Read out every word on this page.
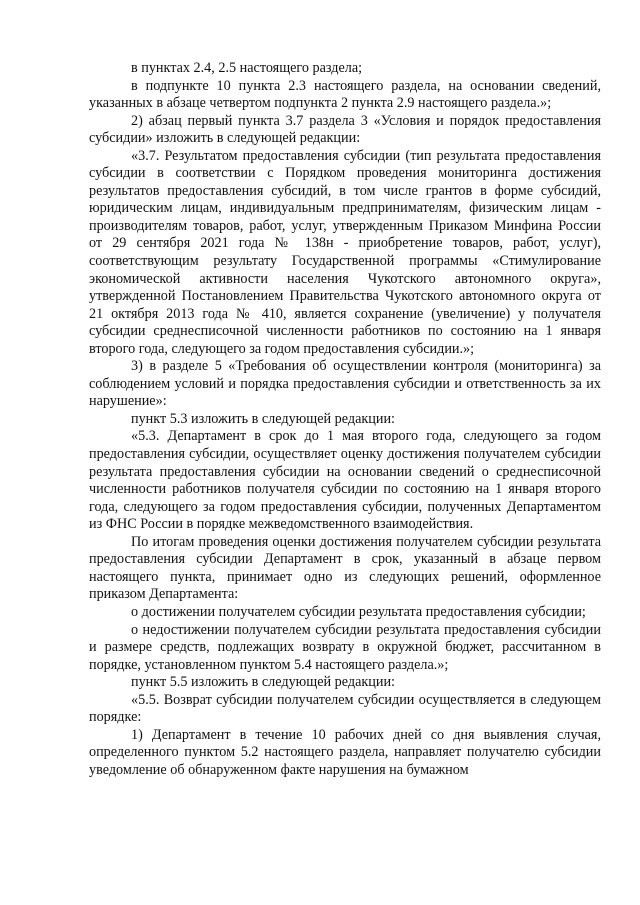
в пунктах 2.4, 2.5 настоящего раздела;

в подпункте 10 пункта 2.3 настоящего раздела, на основании сведений, указанных в абзаце четвертом подпункта 2 пункта 2.9 настоящего раздела.»;

2) абзац первый пункта 3.7 раздела 3 «Условия и порядок предоставления субсидии» изложить в следующей редакции:

«3.7. Результатом предоставления субсидии (тип результата предоставления субсидии в соответствии с Порядком проведения мониторинга достижения результатов предоставления субсидий, в том числе грантов в форме субсидий, юридическим лицам, индивидуальным предпринимателям, физическим лицам - производителям товаров, работ, услуг, утвержденным Приказом Минфина России от 29 сентября 2021 года № 138н - приобретение товаров, работ, услуг), соответствующим результату Государственной программы «Стимулирование экономической активности населения Чукотского автономного округа», утвержденной Постановлением Правительства Чукотского автономного округа от 21 октября 2013 года № 410, является сохранение (увеличение) у получателя субсидии среднесписочной численности работников по состоянию на 1 января второго года, следующего за годом предоставления субсидии.»;

3) в разделе 5 «Требования об осуществлении контроля (мониторинга) за соблюдением условий и порядка предоставления субсидии и ответственность за их нарушение»:

пункт 5.3 изложить в следующей редакции:

«5.3. Департамент в срок до 1 мая второго года, следующего за годом предоставления субсидии, осуществляет оценку достижения получателем субсидии результата предоставления субсидии на основании сведений о среднесписочной численности работников получателя субсидии по состоянию на 1 января второго года, следующего за годом предоставления субсидии, полученных Департаментом из ФНС России в порядке межведомственного взаимодействия.

По итогам проведения оценки достижения получателем субсидии результата предоставления субсидии Департамент в срок, указанный в абзаце первом настоящего пункта, принимает одно из следующих решений, оформленное приказом Департамента:

о достижении получателем субсидии результата предоставления субсидии;

о недостижении получателем субсидии результата предоставления субсидии и размере средств, подлежащих возврату в окружной бюджет, рассчитанном в порядке, установленном пунктом 5.4 настоящего раздела.»;

пункт 5.5 изложить в следующей редакции:

«5.5. Возврат субсидии получателем субсидии осуществляется в следующем порядке:

1) Департамент в течение 10 рабочих дней со дня выявления случая, определенного пунктом 5.2 настоящего раздела, направляет получателю субсидии уведомление об обнаруженном факте нарушения на бумажном
